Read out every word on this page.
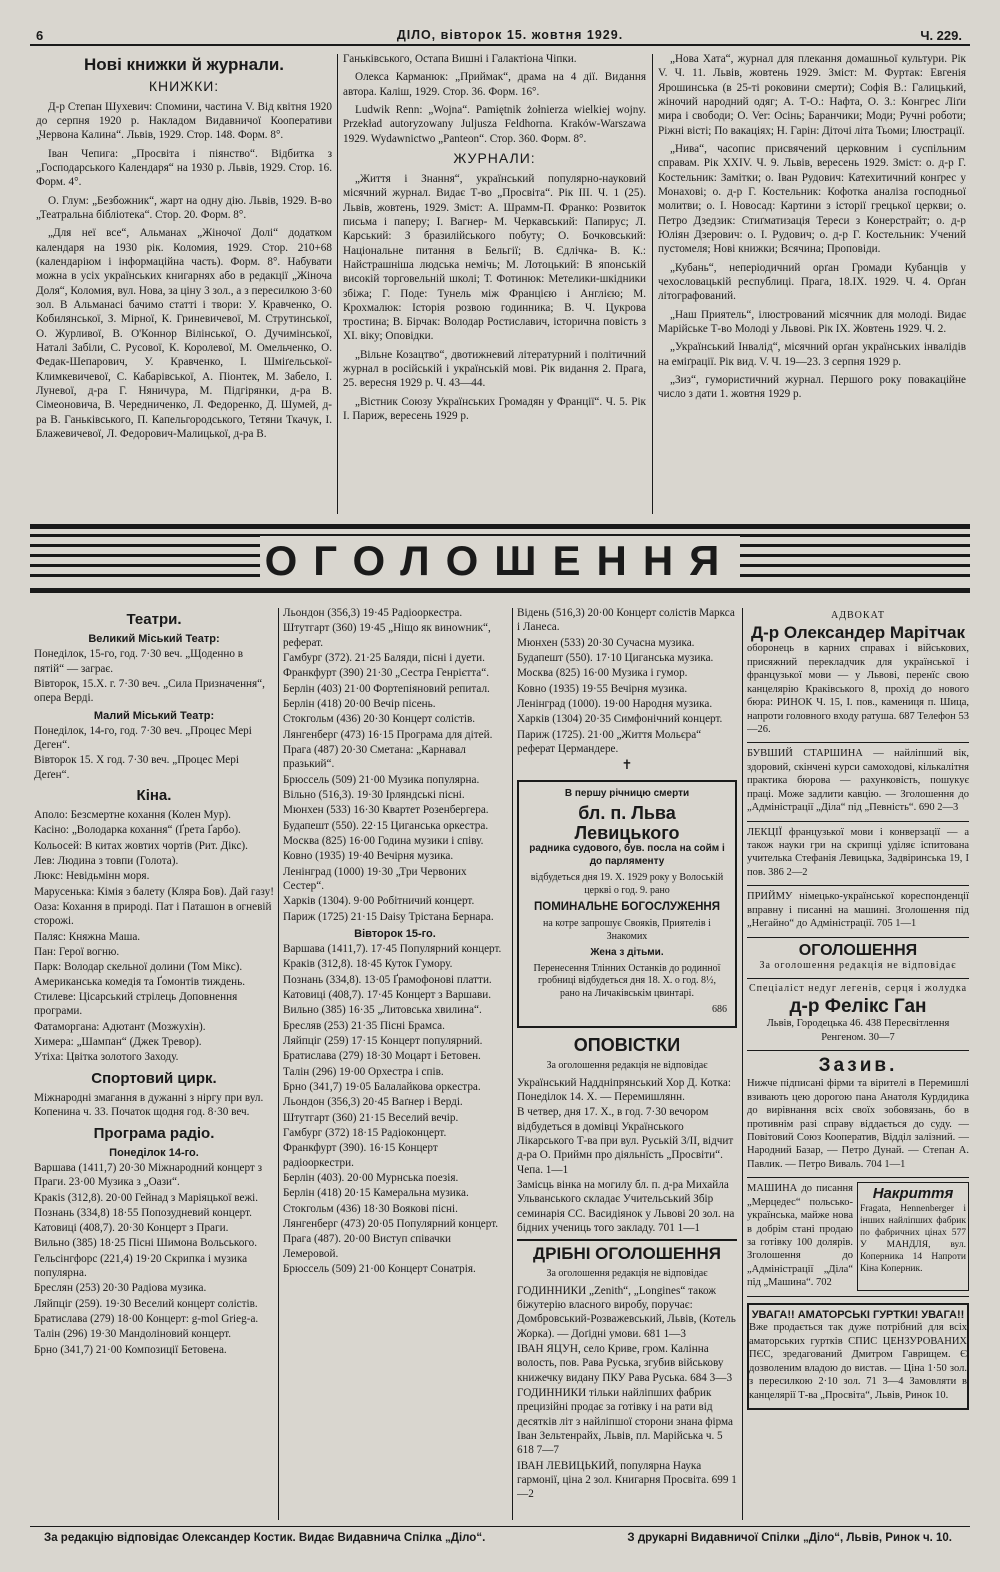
6	ДІЛО, вівторок 15. жовтня 1929.	Ч. 229.
Нові книжки й журнали.
КНИЖКИ:

Д-р Степан Шухевич: Спомини, частина V. Від квітня 1920 до серпня 1920 р. Накладом Видавничої Кооперативи „Червона Калина“. Львів, 1929. Стор. 148. Форм. 8°.

Іван Чепига: „Просвіта і піянство“. Відбитка з „Господарського Календаря“ на 1930 р. Львів, 1929. Стор. 16. Форм. 4°.

О. Глум: „Безбожник“, жарт на одну дію. Львів, 1929. В-во „Театральна бібліотека“. Стор. 20. Форм. 8°.

„Для неї все“, Альманах „Жіночої Долі“ додатком календаря на 1930 рік. Коломия, 1929. Стор. 210+68 (календаріюм і інформаційна часть). Форм. 8°. Набувати можна в усіх українських книгарнях або в редакції „Жіноча Доля“, Коломия, вул. Нова, за ціну 3 зол., а з пересилкою 3·60 зол. В Альманасі бачимо статті і твори: У. Кравченко, О. Кобилянської, З. Мірної, К. Гриневичевої, М. Струтинської, О. Журливої, В. О'Коннор Вілінської, О. Дучимінської, Наталі Забіли, С. Русової, К. Королевої, М. Омельченко, О. Федак-Шепарович, У. Кравченко, І. Шміґельської-Климкевичевої, С. Кабарівської, А. Піонтек, М. Забело, І. Луневої, д-ра Г. Няничура, М. Підгірянки, д-ра В. Сімеоновича, В. Чередниченко, Л. Федоренко, Д. Шумей, д-ра В. Ганьківського, П. Капельгородського, Тетяни Ткачук, І. Блажевичевої, Л. Федорович-Малицької, д-ра В.

Ганьківського, Остапа Вишні і Галактіона Чіпки.

Олекса Карманюк: „Приймак“, драма на 4 дії. Видання автора. Каліш, 1929. Стор. 36. Форм. 16°.

Ludwik Renn: „Wojna“. Pamiętnik żołnierza wielkiej wojny. Przekład autoryzowany Juljusza Feldhorna. Kraków-Warszawa 1929. Wydawnictwo „Panteon“. Стор. 360. Форм. 8°.

ЖУРНАЛИ:

„Життя і Знання“, український популярно-науковий місячний журнал. Видає Т-во „Просвіта“. Рік III. Ч. 1 (25). Львів, жовтень, 1929. Зміст: А. Шрамм-П. Франко: Розвиток письма і паперу; І. Вагнер- М. Черкавський: Папирус; Л. Карський: З бразилійського побуту; О. Бочковський: Національне питання в Бельгії; В. Єдлічка- В. К.: Найстрашніша людська немічь; М. Лотоцький: В японській високій торговельній школі; Т. Фотинюк: Метелики-шкідники збіжа; Г. Поде: Тунель між Францією і Англією; М. Крохмалюк: Історія розвою годинника; В. Ч. Цукрова тростина; В. Бірчак: Володар Ростиславич, історична повість з XI. віку; Оповідки.

„Вільне Козацтво“, двотижневий літературний і політичний журнал в російській і українській мові. Рік видання 2. Прага, 25. вересня 1929 р. Ч. 43—44.

„Вістник Союзу Українських Громадян у Франції“. Ч. 5. Рік І. Париж, вересень 1929 р.

„Нова Хата“, журнал для плекання домашньої культури. Рік V. Ч. 11. Львів, жовтень 1929. Зміст: М. Фуртак: Евгенія Ярошинська (в 25-ті роковини смерти); Софія В.: Галицький, жіночий народний одяг; А. Т-О.: Нафта, О. З.: Конгрес Ліґи мира і свободи; О. Ver: Осінь; Баранчики; Моди; Ручні роботи; Ріжні вісті; По вакаціях; Н. Гарін: Діточі літа Тьоми; Ілюстрації.

„Нива“, часопис присвячений церковним і суспільним справам. Рік XXIV. Ч. 9. Львів, вересень 1929. Зміст: о. д-р Г. Костельник: Замітки; о. Іван Рудович: Катехитичний конґрес у Монахові; о. д-р Г. Костельник: Кофотка аналіза господньої молитви; о. І. Новосад: Картини з історії грецької церкви; о. Петро Дзедзик: Стиґматизація Тереси з Конерстрайт; о. д-р Юліян Дзерович: о. І. Рудович; о. д-р Г. Костельник: Учений пустомеля; Нові книжки; Всячина; Проповіди.

„Кубань“, неперіодичний орґан Громади Кубанців у чехословацькій республиці. Прага, 18.IX. 1929. Ч. 4. Орґан літографований.

„Наш Приятель“, ілюстрований місячник для молоді. Видає Марійське Т-во Молоді у Львові. Рік ІХ. Жовтень 1929. Ч. 2.

„Український Інвалід“, місячний орґан українських інвалідів на еміґрації. Рік вид. V. Ч. 19—23. З серпня 1929 р.

„Зиз“, гумористичний журнал. Першого року повакаційне число з дати 1. жовтня 1929 р.

ОГОЛОШЕННЯ
Театри.
Великий Міський Театр:

Понеділок, 15-го, год. 7·30 веч. „Щоденно в пятій“ — заграє.

Вівторок, 15.Х. г. 7·30 веч. „Сила Призначення“, опера Верді.

Малий Міський Театр:

Понеділок, 14-го, год. 7·30 веч. „Процес Мері Деген“.

Вівторок 15. Х год. 7·30 веч. „Процес Мері Деґен“.

Кіна.

Аполо: Безсмертне кохання (Колен Мур).

Касіно: „Володарка кохання“ (Ґрета Ґарбо).

Кольосей: В китах жовтих чортів (Рит. Дікс).

Лев: Людина з товпи (Голота).

Люкс: Невідьмінн моря.

Марусенька: Кімія з балету (Кляра Бов). Дай газу!

Оаза: Кохання в природі. Пат і Паташон в огневій сторожі.

Паляс: Княжна Маша.

Пан: Герої вогню.

Парк: Володар скельної долини (Том Мікс). Американська комедія та Ґомонтів тиждень.

Стилеве: Цісарський стрілець Доповнення програми.

Фатаморгана: Адютант (Мозжухін).

Химера: „Шампан“ (Джек Тревор).

Утіха: Цвітка золотого Заходу.

Спортовий цирк.

Міжнародні змагання в дужанні з ніргу при вул. Копенина ч. 33. Початок щодня год. 8·30 веч.

Програма радіо.
Понеділок 14-го.

Варшава (1411,7) 20·30 Міжнародний концерт з Праги. 23·00 Музика з „Оази“.

Кракіs (312,8). 20·00 Гейнад з Маріяцької вежі.

Познань (334,8) 18·55 Попозудневий концерт.

Катовиці (408,7). 20·30 Концерт з Праги.

Вильно (385) 18·25 Пісні Шимона Вольського.

Гельсінгфорс (221,4) 19·20 Скрипка і музика популярна.

Бреслян (253) 20·30 Радіова музика.

Ляйпціг (259). 19·30 Веселий концерт солістів.

Братиславa (279) 18·00 Концерт: g-mol Grieg-a.

Талін (296) 19·30 Мандоліновий концерт.

Брно (341,7) 21·00 Композиції Бетовена.

Льондон (356,3) 19·45 Радіооркестра.

Штутгарт (360) 19·45 „Ніщо як виноwник“, реферат.

Гамбург (372). 21·25 Баляди, пісні і дуети.

Франкфурт (390) 21·30 „Сестра Генрієтта“.

Берлін (403) 21·00 Фортепіяновий репитал.

Берлін (418) 20·00 Вечір пісень.

Стокгольм (436) 20·30 Концерт солістів.

Лянгенберг (473) 16·15 Програма для дітей.

Прага (487) 20·30 Сметана: „Карнавал празький“.

Брюссель (509) 21·00 Музика популярна.

Вільно (516,3). 19·30 Ірляндські пісні.

Мюнхен (533) 16·30 Квартет Розенбергера.

Будапешт (550). 22·15 Циганська оркестра.

Москва (825) 16·00 Година музики і співу.

Ковно (1935) 19·40 Вечірня музика.

Ленінград (1000) 19·30 „Три Червоних Сестер“.

Харків (1304). 9·00 Робітничий концерт.

Париж (1725) 21·15 Daisy Трістана Бернара.

Вівторок 15-го.

Варшава (1411,7). 17·45 Популярний концерт.

Краків (312,8). 18·45 Куток Гумору.

Познань (334,8). 13·05 Ґрамофонові платти.

Катовиці (408,7). 17·45 Концерт з Варшави.

Вильно (385) 16·35 „Литовська хвилина“.

Бресляв (253) 21·35 Пісні Брамса.

Ляйпціг (259) 17·15 Концерт популярний.

Братислава (279) 18·30 Моцарт і Бетовен.

Талін (296) 19·00 Орхестра і спів.

Брно (341,7) 19·05 Балалайкова оркестра.

Льондон (356,3) 20·45 Ваґнер і Верді.

Штутгарт (360) 21·15 Веселий вечір.

Гамбург (372) 18·15 Радіоконцерт.

Франкфурт (390). 16·15 Концерт радіооркестри.

Берлін (403). 20·00 Мурнська поезія.

Берлін (418) 20·15 Камеральна музика.

Стокгольм (436) 18·30 Воякові пісні.

Лянгенберг (473) 20·05 Популярний концерт.

Прага (487). 20·00 Виступ співачки Лемеровой.

Брюссель (509) 21·00 Концерт Сонатрія.

Відень (516,3) 20·00 Концерт солістів Маркса і Ланеса.

Мюнхен (533) 20·30 Сучасна музика.

Будапешт (550). 17·10 Циганська музика.

Москва (825) 16·00 Музика і гумор.

Ковно (1935) 19·55 Вечірня музика.

Ленінград (1000). 19·00 Народня музика.

Харків (1304) 20·35 Симфонічний концерт.

Париж (1725). 21·00 „Життя Мольєра“ реферат Цермандере.

✝
В першу річницю смерти
бл. п. Льва Левицького
радника судового, був. посла на сойм і до парляменту
відбудеться дня 19. Х. 1929 року у Волоській церкві о год. 9. рано
ПОМИНАЛЬНЕ БОГОСЛУЖЕННЯ
на котре запрошує Своякiв, Приятелів і Знакомих
Жена з дітьми.
Перенесення Тлінних Останків до родинної гробниці відбудеться дня 18. Х. о год. 8½, рано на Личаківськім цвинтарі.
686
ОПОВІСТКИ
За оголошення редакція не відповідає

Український Наддніпрянський Хор Д. Котка: Понеділок 14. Х. — Перемишлянн.

В четвер, дня 17. Х., в год. 7·30 вечором відбудеться в домівці Українського Лікарського Т-ва при вул. Руській 3/II, відчит д-ра О. Приймн про діяльнїсть „Просвіти“. Чепа. 1—1

Замісць вінка на могилу бл. п. д-ра Михайла Ульванського складає Учительський Збір семинарія СС. Васидіянок у Львові 20 зол. на бідних учениць того закладу. 701 1—1

ДРІБНІ ОГОЛОШЕННЯ
За оголошення редакція не відповідає

ГОДИННИКИ „Zenith“, „Longines“ також біжутерію власного виробу, поручає: Домбровський-Розважевський, Львів, (Котель Жорка). — Доґідні умови. 681 1—3

ІВАН ЯЦУН, село Криве, гром. Калінна волость, пов. Рава Руська, згубив військову книжечку видану ПКУ Рава Руська. 684 3—3

ГОДИННИКИ тільки найліпших фабрик прецизійні продає за готівку і на рати від десятків літ з найліпшої сторони знана фірма Іван Зельтенрайх, Львів, пл. Марійська ч. 5 618 7—7

ІВАН ЛЕВИЦЬКИЙ, популярна Наука гармонії, ціна 2 зол. Книгарня Просвіта. 699 1—2

АДВОКАТ
Д-р Олександер Марітчак

оборонець в карних справах і військових, присяжний перекладчик для української і французької мови — у Львові, перенїс свою канцелярію Краківського 8, прохід до нового бюра: РИНОК Ч. 15, І. пов., камениця п. Шица, напроти головного входу ратуша. 687 Телефон 53—26.

БУВШИЙ СТАРШИНА — найліпший вік, здоровий, скінчені курси самоходові, кількалітня практика бюрова — рахунковість, пошукує праці. Може задлити кавцію. — Зголошення до „Адміністрації „Діла“ під „Певність“. 690 2—3

ЛЕКЦІЇ французької мови і конверзації — а також науки гри на скрипці уділяє іспитована учителька Стефанія Левицька, Задвіринська 19, І пов. 386 2—2

ПРИЙМУ німецько-української кореспонденції вправну і писанні на машині. Зголошення під „Негайно“ до Адміністрації. 705 1—1

ОГОЛОШЕННЯ
За оголошення редакція не відповідає
Спеціаліст недуг легенів, серця і жолудка
д-р Фелікс Ган

Львів, Городецька 46. 438 Пересвітлення Ренгеном. 30—7

Зазив.

Нижче підписані фірми та вірителі в Перемишлі взивають цею дорогою пана Анатоля Курдидика до вирівнання всіх своїх зобовязань, бо в противнім разі справу віддається до суду. — Повітовий Союз Кооператив, Відділ залізний. — Народний Базар, — Петро Дунай. — Степан А. Павлик. — Петро Виваль. 704 1—1

МАШИНА до писання „Мерцедес“ польсько-українська, майже нова в добрім стані продаю за готівку 100 долярів. Зголошення до „Адміністрації „Діла“ під „Машина“. 702

Накриття

Fragata, Hennenberger і інших найліпших фабрик по фабричних цінах 577 У МАНДЛЯ, вул. Коперника 14 Напроти Кіна Коперник.

УВАГА!! АМАТОРСЬКІ ГУРТКИ! УВАГА!!

Вже продається так дуже потрібний для всіх аматорських гуртків СПИС ЦЕНЗУРОВАНИХ ПЄС, зредагований Дмитром Гаврищем. Є дозволеним владою до вистав. — Ціна 1·50 зол. з пересилкою 2·10 зол. 71 3—4 Замовляти в канцелярії Т-ва „Просвіта“, Львів, Ринок 10.

За редакцію відповідає Олександер Костик. Видає Видавнича Спілка „Діло“.	З друкарні Видавничої Спілки „Діло“, Львів, Ринок ч. 10.
